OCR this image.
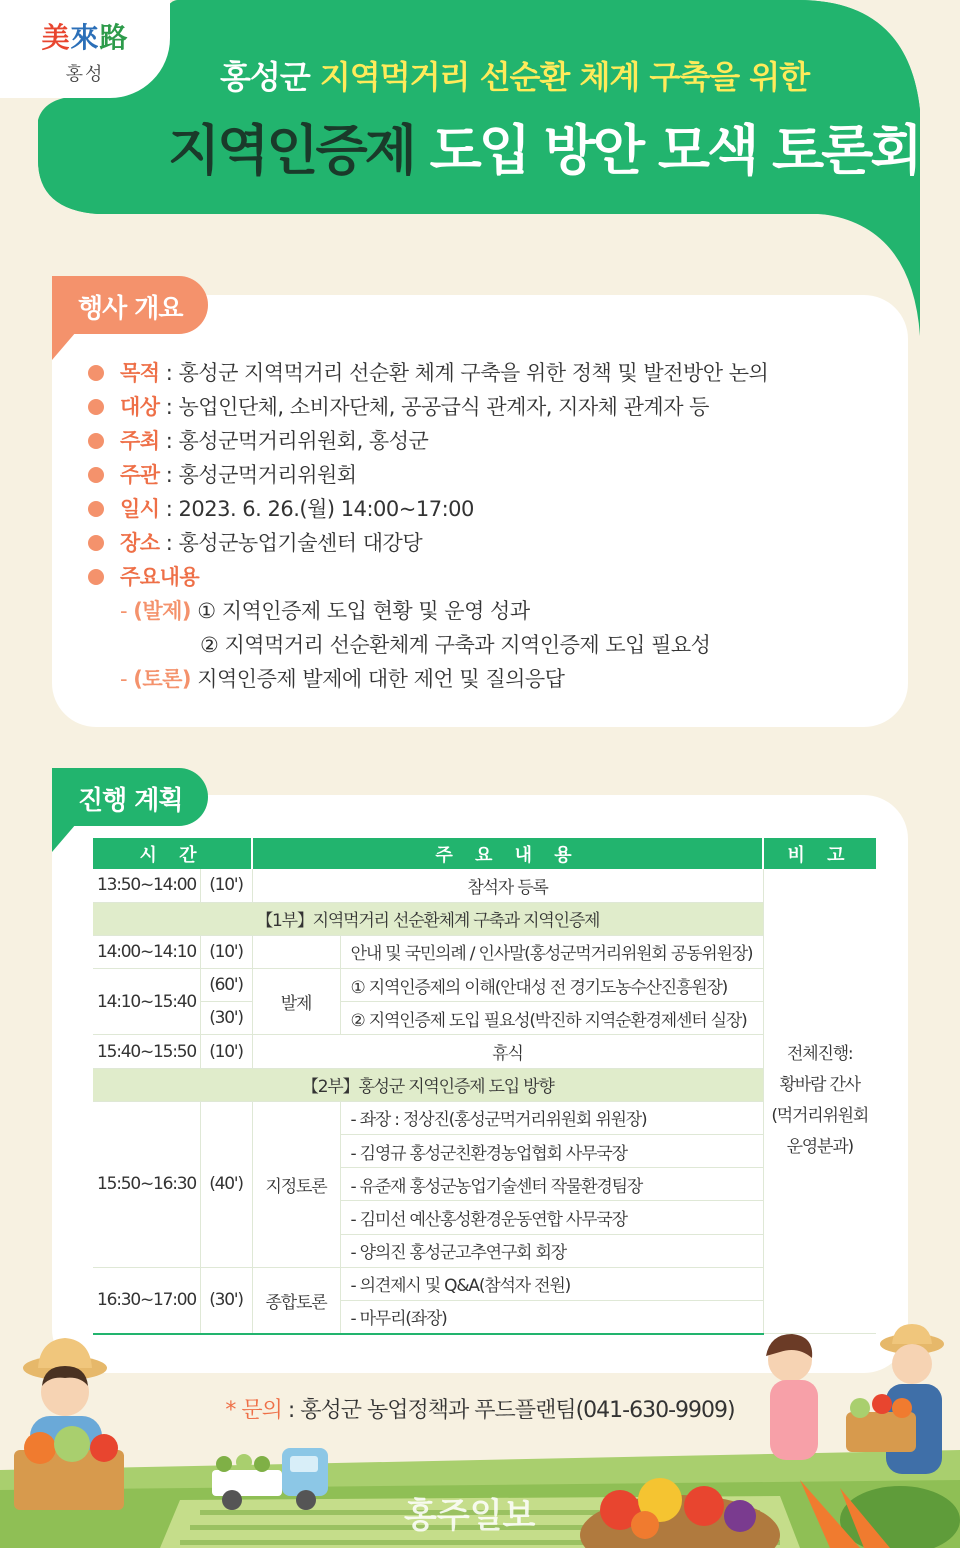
홍성군 지역먹거리 선순환 체계 구축을 위한
지역인증제 도입 방안 모색 토론회
美來路
홍성
행사 개요
목적 : 홍성군 지역먹거리 선순환 체계 구축을 위한 정책 및 발전방안 논의
대상 : 농업인단체, 소비자단체, 공공급식 관계자, 지자체 관계자 등
주최 : 홍성군먹거리위원회, 홍성군
주관 : 홍성군먹거리위원회
일시 : 2023. 6. 26.(월) 14:00~17:00
장소 : 홍성군농업기술센터 대강당
주요내용
- (발제) ① 지역인증제 도입 현황 및 운영 성과
② 지역먹거리 선순환체계 구축과 지역인증제 도입 필요성
- (토론) 지역인증제 발제에 대한 제언 및 질의응답
진행 계획
시 간		주 요 내 용		비 고
13:50~14:00	(10')	참석자 등록		전체진행:
황바람 간사
(먹거리위원회
운영분과)

【1부】지역먹거리 선순환체계 구축과 지역인증제				
14:00~14:10	(10')		안내 및 국민의례 / 인사말(홍성군먹거리위원회 공동위원장)	
14:10~15:40	(60')	발제	① 지역인증제의 이해(안대성 전 경기도농수산진흥원장)	
	(30')		② 지역인증제 도입 필요성(박진하 지역순환경제센터 실장)	
15:40~15:50	(10')	휴식		
【2부】홍성군 지역인증제 도입 방향				
15:50~16:30	(40')	지정토론	- 좌장 : 정상진(홍성군먹거리위원회 위원장)	
			- 김영규 홍성군친환경농업협회 사무국장	
			- 유준재 홍성군농업기술센터 작물환경팀장	
			- 김미선 예산홍성환경운동연합 사무국장	
			- 양의진 홍성군고추연구회 회장	
16:30~17:00	(30')	종합토론	- 의견제시 및 Q&A(참석자 전원)	
			- 마무리(좌장)	
홍주일보
* 문의 : 홍성군 농업정책과 푸드플랜팀(041-630-9909)
